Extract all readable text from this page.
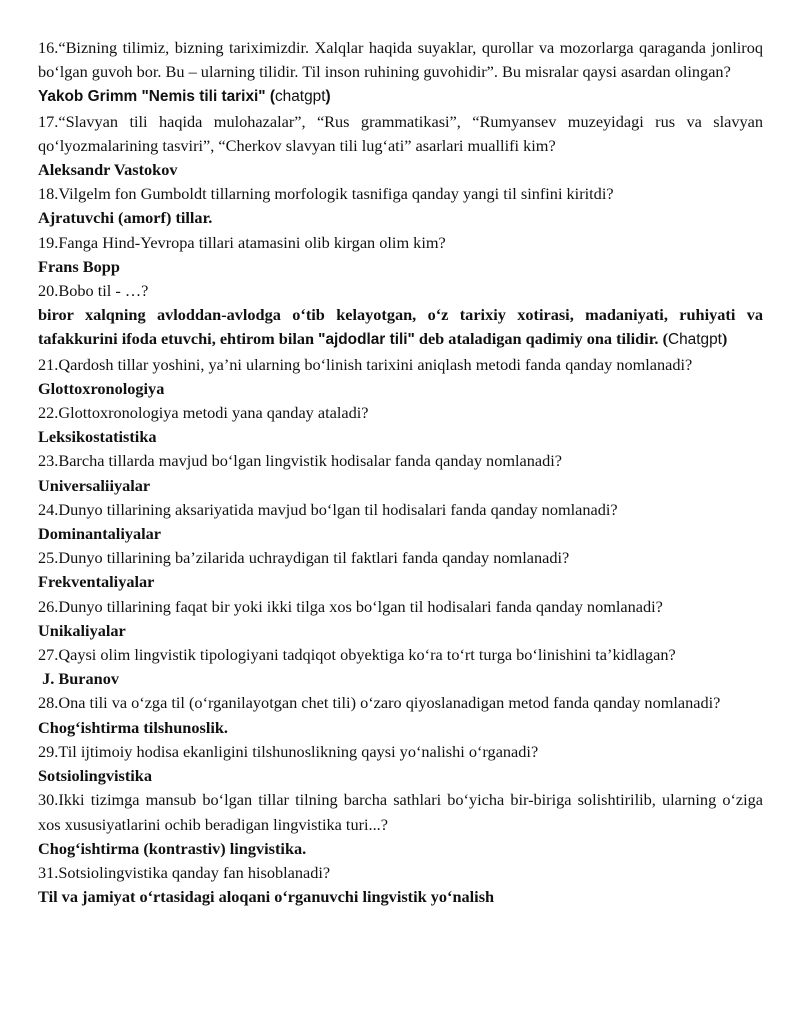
16.“Bizning tilimiz, bizning tariximizdir. Xalqlar haqida suyaklar, qurollar va mozorlarga qaraganda jonliroq bo‘lgan guvoh bor. Bu – ularning tilidir. Til inson ruhining guvohidir”. Bu misralar qaysi asardan olingan?

Yakob Grimm "Nemis tili tarixi" (chatgpt)

17.“Slavyan tili haqida mulohazalar”, “Rus grammatikasi”, “Rumyansev muzeyidagi rus va slavyan qo‘lyozmalarining tasviri”, “Cherkov slavyan tili lug‘ati” asarlari muallifi kim?

Aleksandr Vastokov

18.Vilgelm fon Gumboldt tillarning morfologik tasnifiga qanday yangi til sinfini kiritdi?

Ajratuvchi (amorf) tillar.

19.Fanga Hind-Yevropa tillari atamasini olib kirgan olim kim?

Frans Bopp

20.Bobo til - …?

biror xalqning avloddan-avlodga o‘tib kelayotgan, o‘z tarixiy xotirasi, madaniyati, ruhiyati va tafakkurini ifoda etuvchi, ehtirom bilan "ajdodlar tili" deb ataladigan qadimiy ona tilidir. (Chatgpt)

21.Qardosh tillar yoshini, ya’ni ularning bo‘linish tarixini aniqlash metodi fanda qanday nomlanadi?

Glottoxronologiya

22.Glottoxronologiya metodi yana qanday ataladi?

Leksikostatistika

23.Barcha tillarda mavjud bo‘lgan lingvistik hodisalar fanda qanday nomlanadi?

Universaliiyalar

24.Dunyo tillarining aksariyatida mavjud bo‘lgan til hodisalari fanda qanday nomlanadi?

Dominantaliyalar

25.Dunyo tillarining ba’zilarida uchraydigan til faktlari fanda qanday nomlanadi?

Frekventaliyalar

26.Dunyo tillarining faqat bir yoki ikki tilga xos bo‘lgan til hodisalari fanda qanday nomlanadi?

Unikaliyalar

27.Qaysi olim lingvistik tipologiyani tadqiqot obyektiga ko‘ra to‘rt turga bo‘linishini ta’kidlagan?

J. Buranov

28.Ona tili va o‘zga til (o‘rganilayotgan chet tili) o‘zaro qiyoslanadigan metod fanda qanday nomlanadi?

Chog‘ishtirma tilshunoslik.

29.Til ijtimoiy hodisa ekanligini tilshunoslikning qaysi yo‘nalishi o‘rganadi?

Sotsiolingvistika

30.Ikki tizimga mansub bo‘lgan tillar tilning barcha sathlari bo‘yicha bir-biriga solishtirilib, ularning o‘ziga xos xususiyatlarini ochib beradigan lingvistika turi...?

Chog‘ishtirma (kontrastiv) lingvistika.

31.Sotsiolingvistika qanday fan hisoblanadi?

Til va jamiyat o‘rtasidagi aloqani o‘rganuvchi lingvistik yo‘nalish
